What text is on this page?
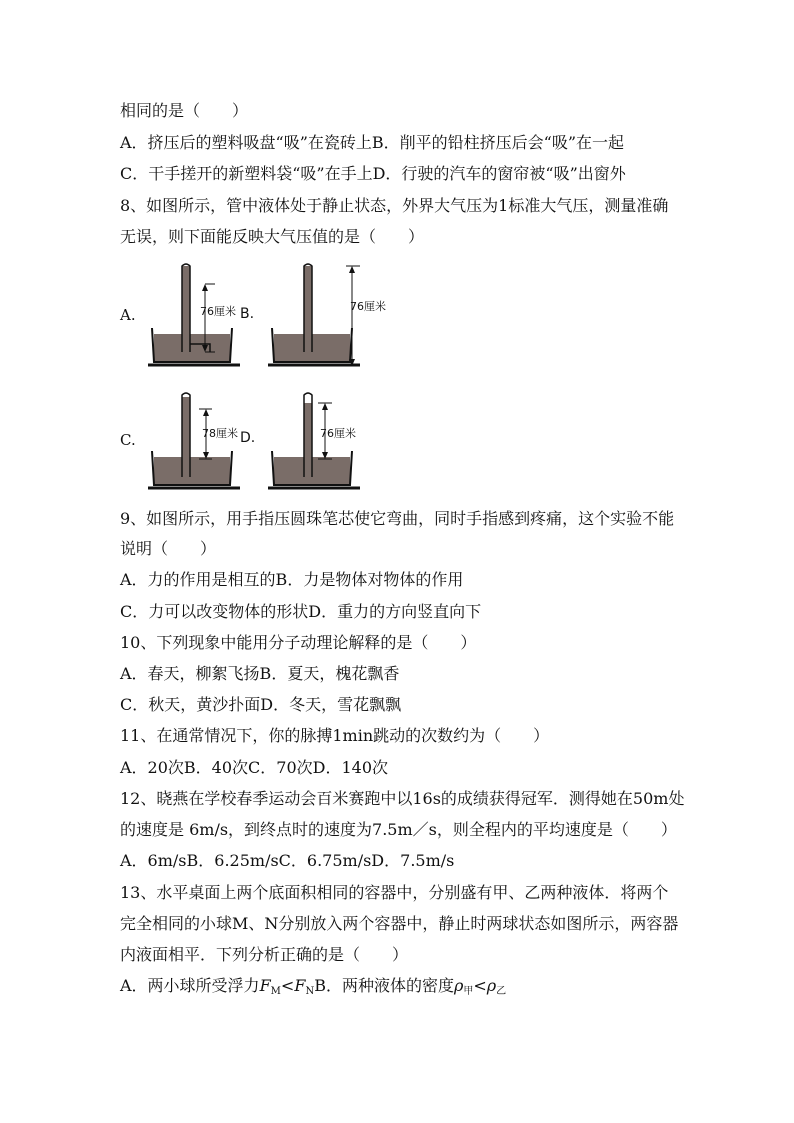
相同的是（　　）
A．挤压后的塑料吸盘“吸”在瓷砖上B．削平的铅柱挤压后会“吸”在一起
C．干手搓开的新塑料袋“吸”在手上D．行驶的汽车的窗帘被“吸”出窗外
8、如图所示，管中液体处于静止状态，外界大气压为1标准大气压，测量准确
无误，则下面能反映大气压值的是（　　）
A.
C.
76厘米 B.	76厘米
78厘米 D.	76厘米
9、如图所示，用手指压圆珠笔芯使它弯曲，同时手指感到疼痛，这个实验不能
说明（　　）
A．力的作用是相互的B．力是物体对物体的作用
C．力可以改变物体的形状D．重力的方向竖直向下
10、下列现象中能用分子动理论解释的是（　　）
A．春天，柳絮飞扬B．夏天，槐花飘香
C．秋天，黄沙扑面D．冬天，雪花飘飘
11、在通常情况下，你的脉搏1min跳动的次数约为（　　）
A．20次B．40次C．70次D．140次
12、晓燕在学校春季运动会百米赛跑中以16s的成绩获得冠军．测得她在50m处
的速度是 6m/s，到终点时的速度为7.5m／s，则全程内的平均速度是（　　）
A．6m/sB．6.25m/sC．6.75m/sD．7.5m/s
13、水平桌面上两个底面积相同的容器中，分别盛有甲、乙两种液体．将两个
完全相同的小球M、N分别放入两个容器中，静止时两球状态如图所示，两容器
内液面相平．下列分析正确的是（　　）
A．两小球所受浮力$F_M<F_NB$．两种液体的密度$\rho_甲<\rho_乙$
